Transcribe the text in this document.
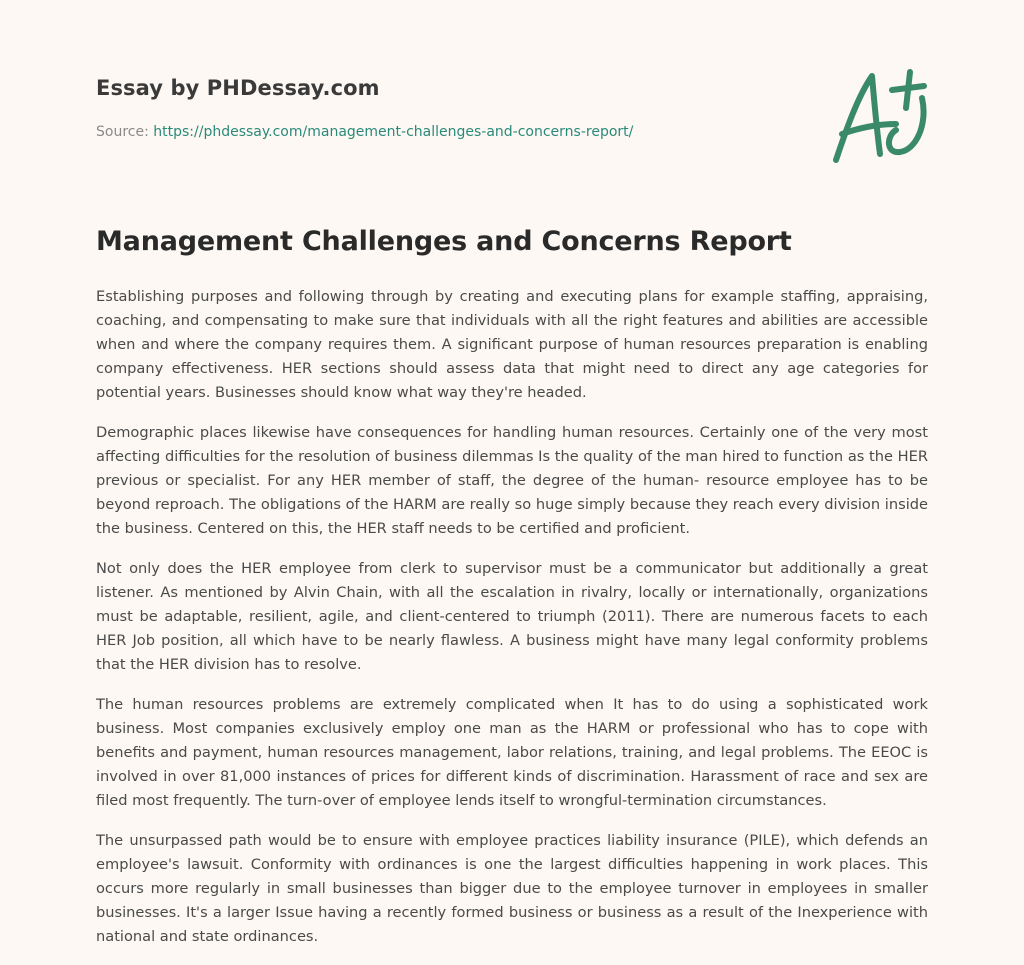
Essay by PHDessay.com
Source: https://phdessay.com/management-challenges-and-concerns-report/
Management Challenges and Concerns Report

Establishing purposes and following through by creating and executing plans for example staffing, appraising, coaching, and compensating to make sure that individuals with all the right features and abilities are accessible when and where the company requires them. A significant purpose of human resources preparation is enabling company effectiveness. HER sections should assess data that might need to direct any age categories for potential years. Businesses should know what way they're headed.

Demographic places likewise have consequences for handling human resources. Certainly one of the very most affecting difficulties for the resolution of business dilemmas Is the quality of the man hired to function as the HER previous or specialist. For any HER member of staff, the degree of the human- resource employee has to be beyond reproach. The obligations of the HARM are really so huge simply because they reach every division inside the business. Centered on this, the HER staff needs to be certified and proficient.

Not only does the HER employee from clerk to supervisor must be a communicator but additionally a great listener. As mentioned by Alvin Chain, with all the escalation in rivalry, locally or internationally, organizations must be adaptable, resilient, agile, and client-centered to triumph (2011). There are numerous facets to each HER Job position, all which have to be nearly flawless. A business might have many legal conformity problems that the HER division has to resolve.

The human resources problems are extremely complicated when It has to do using a sophisticated work business. Most companies exclusively employ one man as the HARM or professional who has to cope with benefits and payment, human resources management, labor relations, training, and legal problems. The EEOC is involved in over 81,000 instances of prices for different kinds of discrimination. Harassment of race and sex are filed most frequently. The turn-over of employee lends itself to wrongful-termination circumstances.

The unsurpassed path would be to ensure with employee practices liability insurance (PILE), which defends an employee's lawsuit. Conformity with ordinances is one the largest difficulties happening in work places. This occurs more regularly in small businesses than bigger due to the employee turnover in employees in smaller businesses. It's a larger Issue having a recently formed business or business as a result of the Inexperience with national and state ordinances.
